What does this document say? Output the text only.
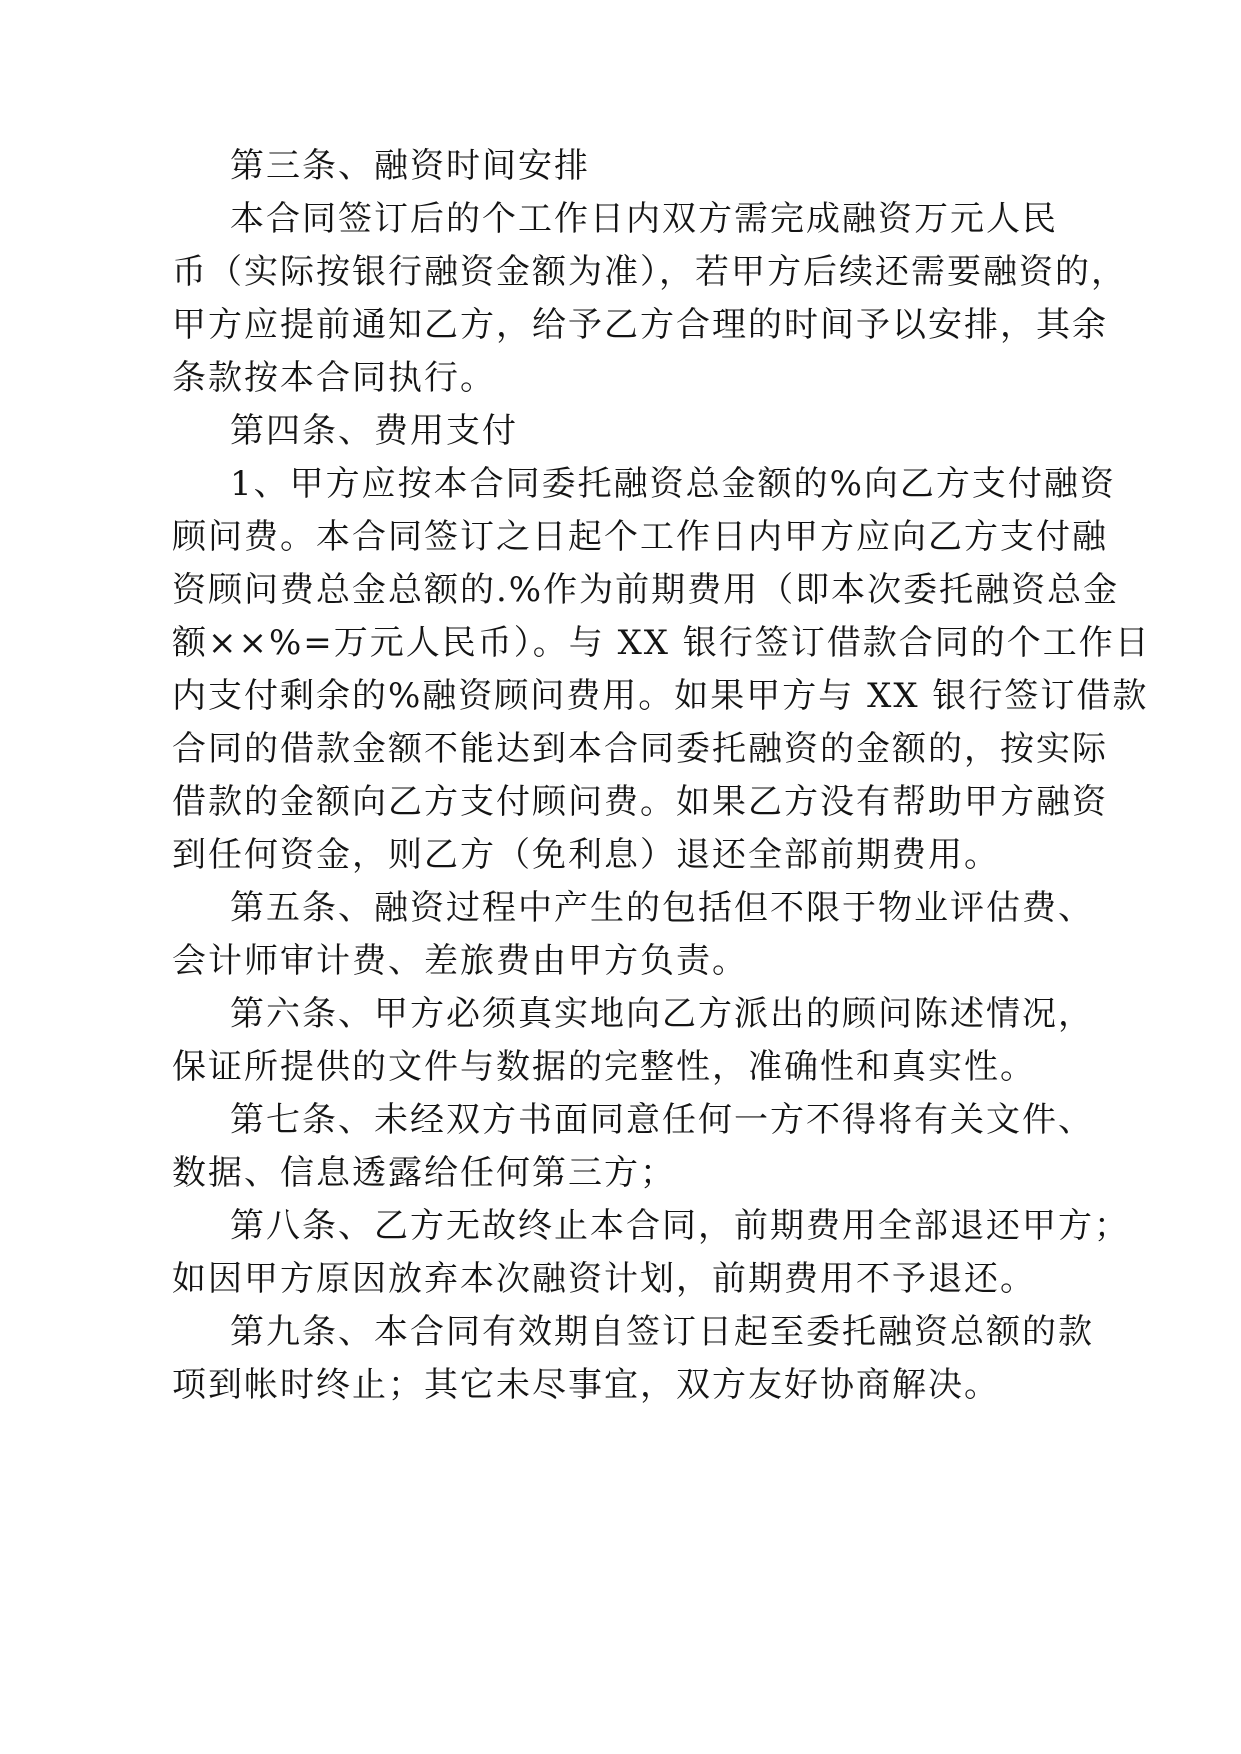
第三条、融资时间安排
本合同签订后的个工作日内双方需完成融资万元人民
币（实际按银行融资金额为准），若甲方后续还需要融资的，
甲方应提前通知乙方，给予乙方合理的时间予以安排，其余
条款按本合同执行。
第四条、费用支付
1、甲方应按本合同委托融资总金额的%向乙方支付融资
顾问费。本合同签订之日起个工作日内甲方应向乙方支付融
资顾问费总金总额的.%作为前期费用（即本次委托融资总金
额××%=万元人民币）。与 XX 银行签订借款合同的个工作日
内支付剩余的%融资顾问费用。如果甲方与 XX 银行签订借款
合同的借款金额不能达到本合同委托融资的金额的，按实际
借款的金额向乙方支付顾问费。如果乙方没有帮助甲方融资
到任何资金，则乙方（免利息）退还全部前期费用。
第五条、融资过程中产生的包括但不限于物业评估费、
会计师审计费、差旅费由甲方负责。
第六条、甲方必须真实地向乙方派出的顾问陈述情况，
保证所提供的文件与数据的完整性，准确性和真实性。
第七条、未经双方书面同意任何一方不得将有关文件、
数据、信息透露给任何第三方；
第八条、乙方无故终止本合同，前期费用全部退还甲方；
如因甲方原因放弃本次融资计划，前期费用不予退还。
第九条、本合同有效期自签订日起至委托融资总额的款
项到帐时终止；其它未尽事宜，双方友好协商解决。
